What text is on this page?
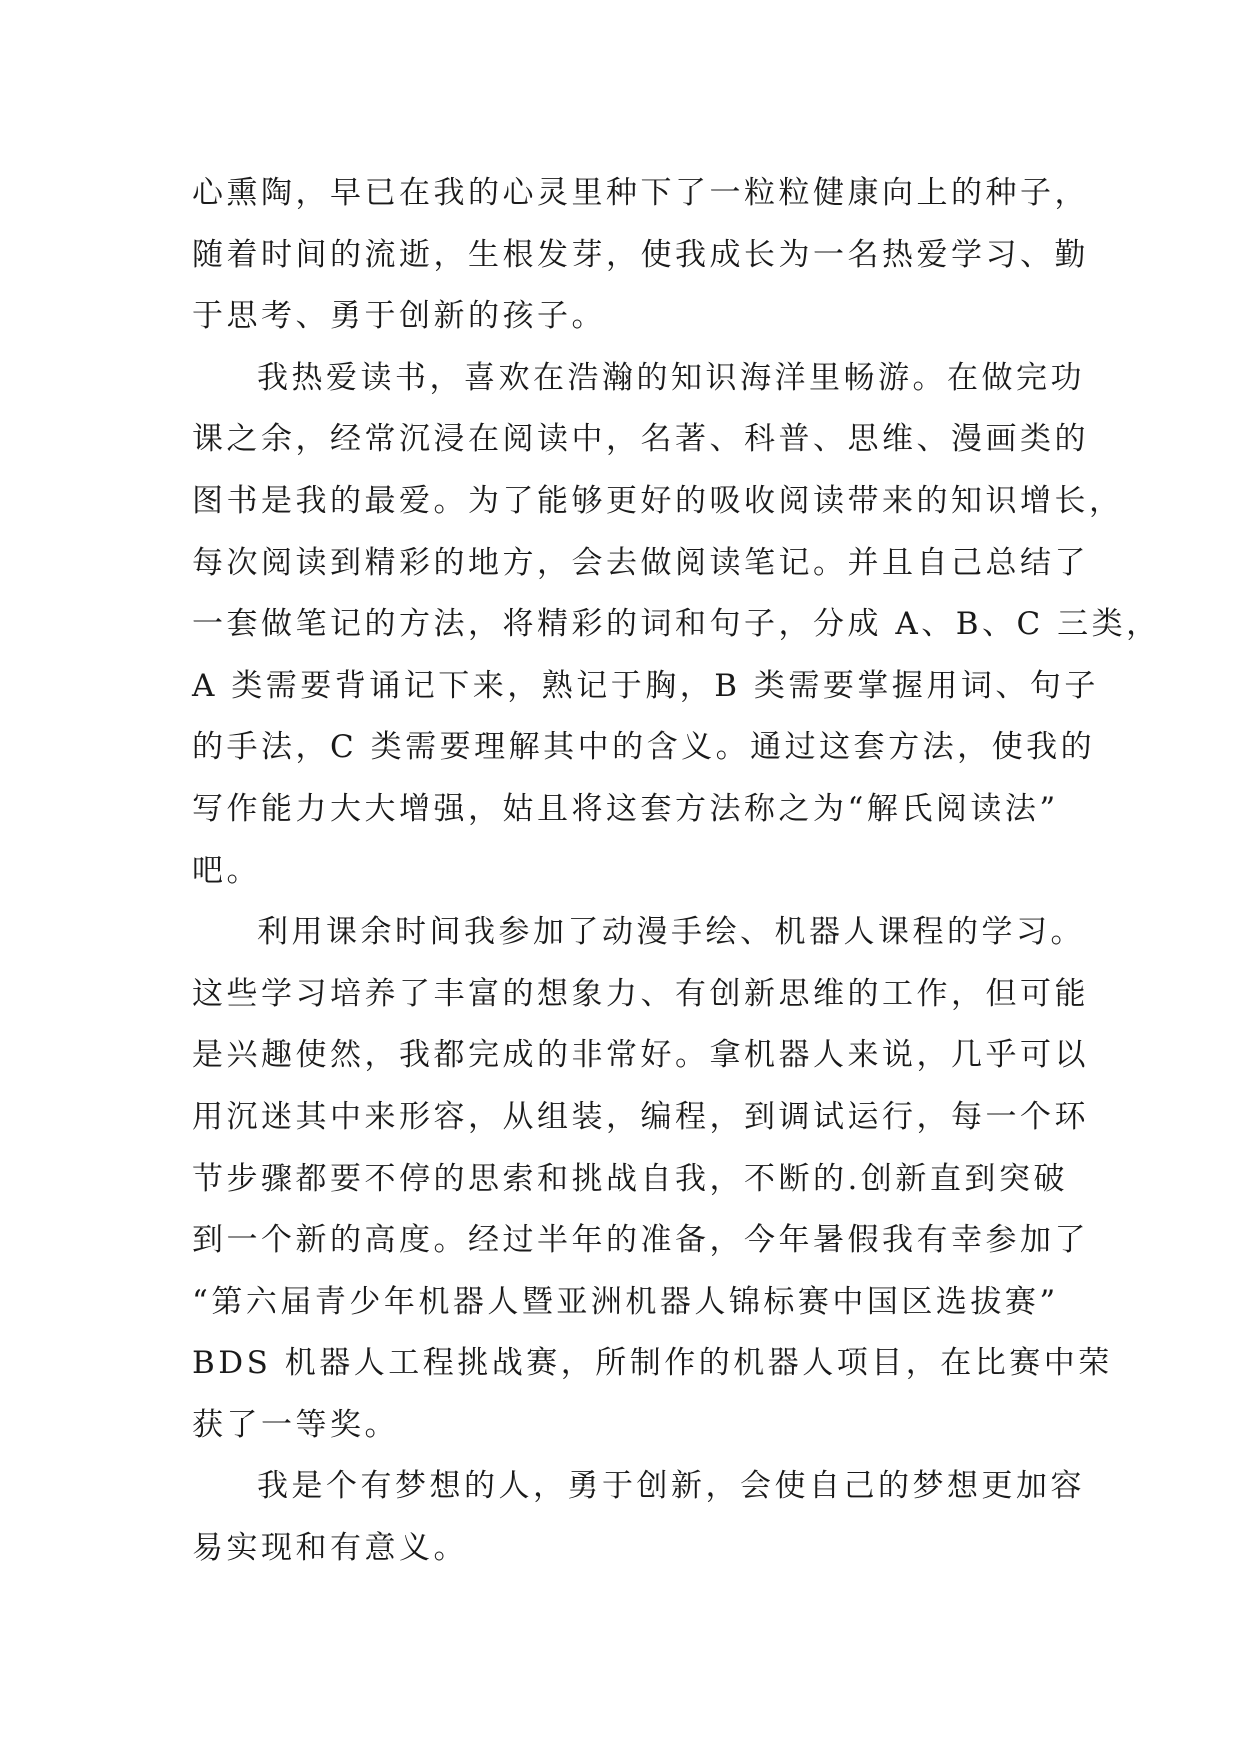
心熏陶，早已在我的心灵里种下了一粒粒健康向上的种子，
随着时间的流逝，生根发芽，使我成长为一名热爱学习、勤
于思考、勇于创新的孩子。
我热爱读书，喜欢在浩瀚的知识海洋里畅游。在做完功
课之余，经常沉浸在阅读中，名著、科普、思维、漫画类的
图书是我的最爱。为了能够更好的吸收阅读带来的知识增长，
每次阅读到精彩的地方，会去做阅读笔记。并且自己总结了
一套做笔记的方法，将精彩的词和句子，分成 A、B、C 三类，
A 类需要背诵记下来，熟记于胸，B 类需要掌握用词、句子
的手法，C 类需要理解其中的含义。通过这套方法，使我的
写作能力大大增强，姑且将这套方法称之为“解氏阅读法”
吧。
利用课余时间我参加了动漫手绘、机器人课程的学习。
这些学习培养了丰富的想象力、有创新思维的工作，但可能
是兴趣使然，我都完成的非常好。拿机器人来说，几乎可以
用沉迷其中来形容，从组装，编程，到调试运行，每一个环
节步骤都要不停的思索和挑战自我，不断的.创新直到突破
到一个新的高度。经过半年的准备，今年暑假我有幸参加了
“第六届青少年机器人暨亚洲机器人锦标赛中国区选拔赛”
BDS 机器人工程挑战赛，所制作的机器人项目，在比赛中荣
获了一等奖。
我是个有梦想的人，勇于创新，会使自己的梦想更加容
易实现和有意义。
